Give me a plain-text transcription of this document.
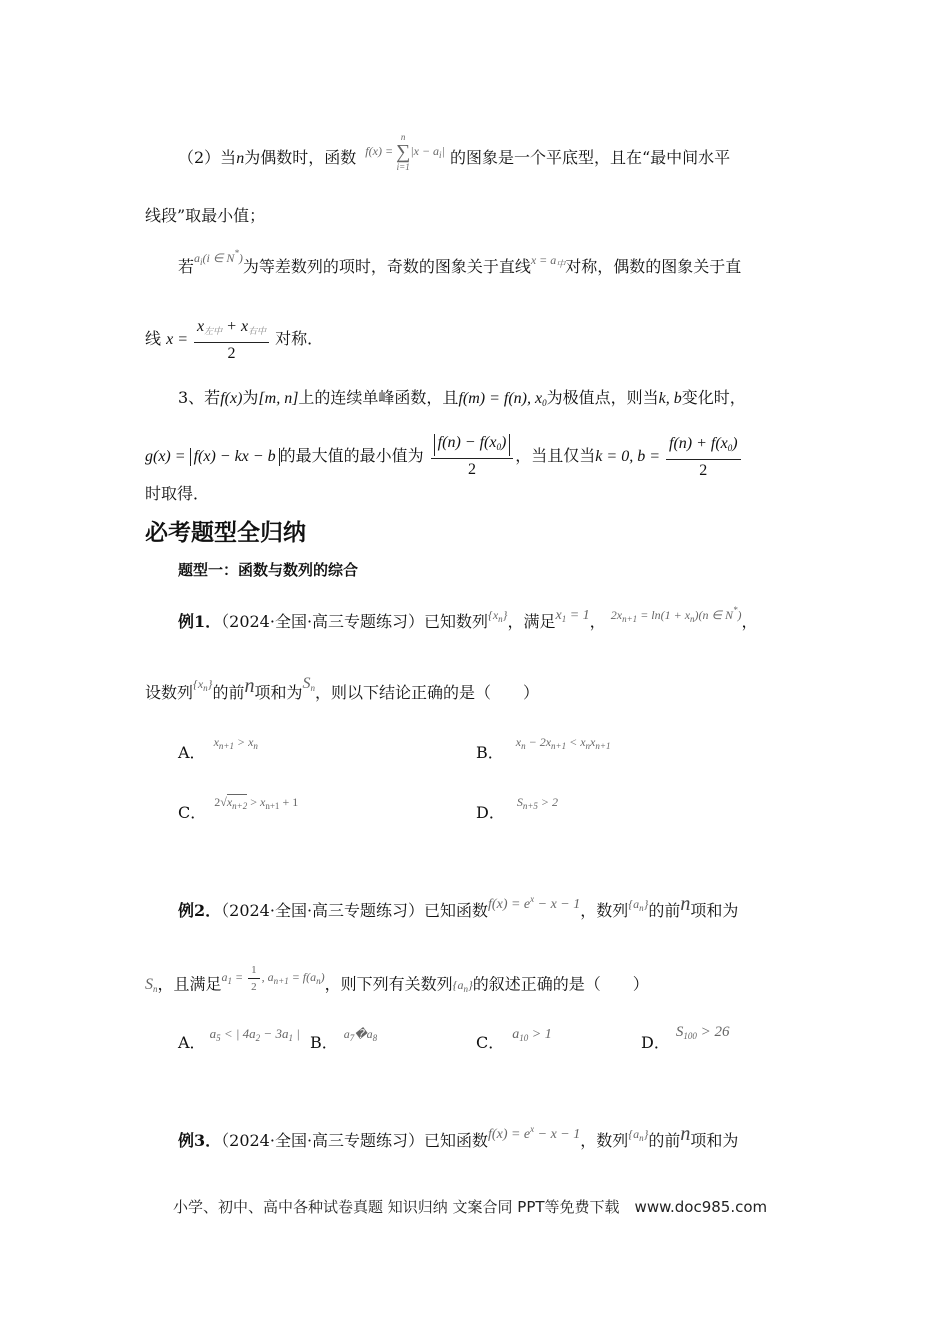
（2）当n为偶数时，函数 f(x) = n
∑
$i=1|x - a_i|$ 的图象是一个平底型，且在“最中间水平
线段”取最小值；
若$^{a_i(i \in N^*)}$为等差数列的项时，奇数的图象关于直线$^{x = a_中}$对称，偶数的图象关于直
线 $x = \frac{x_{左中} + x_{右中}}{2}$ 对称．
3、若f(x)为[m, n]上的连续单峰函数，且f(m) = f(n), $x_0$为极值点，则当k, b变化时，
g(x) = f(x) − kx − b 的最大值的最小值为 $\frac{f(n) - f(x_0)}{2}$ ，当且仅当k = 0, $b = \frac{f(n) + f(x_0)}{2}$
时取得．
必考题型全归纳
题型一：函数与数列的综合
例1．（2024·全国·高三专题练习）已知数列$^{\{x_n\}}$，满足$x_1 = 1$， $^{2x_{n+1} = ln(1 + x_n)(n \in N^*)}$，
设数列$^{\{x_n\}}$的前n项和为$S_n$，则以下结论正确的是（　　）
A．$^{x_{n+1} > x_n}$	B．$^{x_n - 2x_{n+1} < x_nx_{n+1}}$
C．$^{2√x_{n+2} > x_{n+1} + 1}$
D．$^{S_{n+5} > 2}$
例2．（2024·全国·高三专题练习）已知函数$f(x) = e^x - x - 1$，数列$^{\{a_n\}}$的前n项和为
$S_n$，且满足$^{a_1 = \frac{1}{2} , a_{n+1} = f(a_n)}$，则下列有关数列$\{a_n\}$的叙述正确的是（　　）
A． $^{a_5 < | 4a_2 - 3a_1 |}$ B． $^{a_7�a_8}$	C． $a_{10} > 1$	D．$S_{100} > 26$
例3．（2024·全国·高三专题练习）已知函数$f(x) = e^x - x - 1$，数列$^{\{a_n\}}$的前n项和为
小学、初中、高中各种试卷真题 知识归纳 文案合同 PPT等免费下载　www.doc985.com
